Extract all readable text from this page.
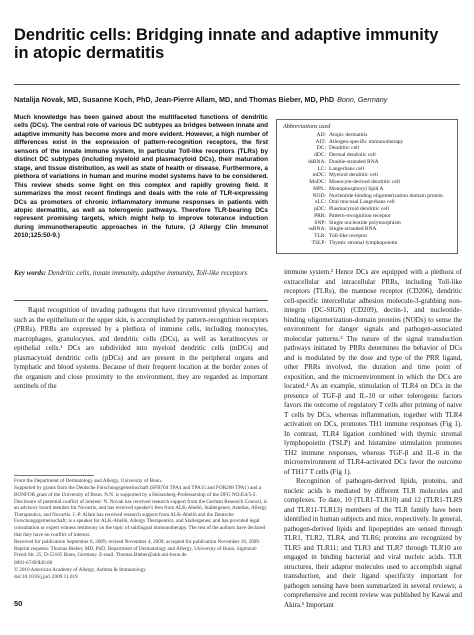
Dendritic cells: Bridging innate and adaptive immunity in atopic dermatitis
Natalija Novak, MD, Susanne Koch, PhD, Jean-Pierre Allam, MD, and Thomas Bieber, MD, PhD Bonn, Germany
Much knowledge has been gained about the multifaceted functions of dendritic cells (DCs). The central role of various DC subtypes as bridges between innate and adaptive immunity has become more and more evident. However, a high number of differences exist in the expression of pattern-recognition receptors, the first sensors of the innate immune system, in particular Toll-like receptors (TLRs) by distinct DC subtypes (including myeloid and plasmacytoid DCs), their maturation stage, and tissue distribution, as well as state of health or disease. Furthermore, a plethora of variations in human and murine model systems have to be considered. This review sheds some light on this complex and rapidly growing field. It summarizes the most recent findings and deals with the role of TLR-expressing DCs as promoters of chronic inflammatory immune responses in patients with atopic dermatitis, as well as tolerogenic pathways. Therefore TLR-bearing DCs represent promising targets, which might help to improve tolerance induction during immunotherapeutic approaches in the future. (J Allergy Clin Immunol 2010;125:50-9.)
Abbreviations used
AD: Atopic dermatitis
AIT: Allergen-specific immunotherapy
DC: Dendritic cell
dDC: Dermal dendritic cell
dsRNA: Double-stranded RNA
LC: Langerhans cell
mDC: Myeloid dendritic cell
MoDC: Monocyte-derived dendritic cell
MPL: Monophosphoryl lipid A
NOD: Nucleotide-binding oligomerization domain protein
oLC: Oral mucosal Langerhans cell
pDC: Plasmacytoid dendritic cell
PRR: Pattern-recognition receptor
SNP: Single nucleotide polymorphism
ssRNA: Single-stranded RNA
TLR: Toll-like receptor
TSLP: Thymic stromal lymphopoietin
Key words: Dendritic cells, innate immunity, adaptive immunity, Toll-like receptors

Rapid recognition of invading pathogens that have circumvented physical barriers, such as the epithelium or the upper skin, is accomplished by pattern-recognition receptors (PRRs). PRRs are expressed by a plethora of immune cells, including monocytes, macrophages, granulocytes, and dendritic cells (DCs), as well as keratinocytes or epithelial cells.¹ DCs are subdivided into myeloid dendritic cells (mDCs) and plasmacytoid dendritic cells (pDCs) and are present in the peripheral organs and lymphatic and blood systems. Because of their frequent location at the border zones of the organism and close proximity to the environment, they are regarded as important sentinels of the

From the Department of Dermatology and Allergy, University of Bonn.

Supported by grants from the Deutsche Forschungsgemeinschaft (SFB704 TPA4 and TPA15 and FOR208 TPA1) and a BONFOR grant of the University of Bonn. N.N. is supported by a Heisenberg-Professorship of the DFG NO454/5-2.

Disclosure of potential conflict of interest: N. Novak has received research support from the German Research Council, is an advisory board member for Novartis, and has received speaker's fees from ALK-Abelló, Stallergenes, Astellas, Allergy Therapeutics, and Novartis. J.-P. Allam has received research support from ALK-Abelló and the Deutsche Forschungsgemeinschaft; is a speaker for ALK-Abelló, Allergy Therapeutics, and Stallergenes; and has provided legal consultation or expert witness testimony on the topic of sublingual immunotherapy. The rest of the authors have declared that they have no conflict of interest.

Received for publication September 8, 2009; revised November 4, 2009; accepted for publication November 16, 2009.

Reprint requests: Thomas Bieber, MD, PhD, Department of Dermatology and Allergy, University of Bonn, Sigmund-Freud-Str. 25, D-53105 Bonn, Germany. E-mail: Thomas.Bieber@ukb.uni-bonn.de.

0091-6749/$36.00

© 2010 American Academy of Allergy, Asthma & Immunology

doi:10.1016/j.jaci.2009.11.019

immune system.² Hence DCs are equipped with a plethora of extracellular and intracellular PRRs, including Toll-like receptors (TLRs), the mannose receptor (CD206), dendritic cell-specific intercellular adhesion molecule-3-grabbing non-integrin (DC-SIGN) (CD209), dectin-1, and nucleotide-binding oligomerization-domain proteins (NODs) to sense the environment for danger signals and pathogen-associated molecular patterns.³ The nature of the signal transduction pathways initiated by PRRs determines the behavior of DCs and is modulated by the dose and type of the PRR ligand, other PRRs involved, the duration and time point of exposition, and the microenvironment in which the DCs are located.⁴ As an example, stimulation of TLR4 on DCs in the presence of TGF-β and IL-10 or other tolerogenic factors favors the outcome of regulatory T cells after priming of naive T cells by DCs, whereas inflammation, together with TLR4 activation on DCs, promotes TH1 immune responses (Fig 1). In contrast, TLR4 ligation combined with thymic stromal lymphopoietin (TSLP) and histamine stimulation promotes TH2 immune responses, whereas TGF-β and IL-6 in the microenvironment of TLR4-activated DCs favor the outcome of TH17 T cells (Fig 1).

Recognition of pathogen-derived lipids, proteins, and nucleic acids is mediated by different TLR molecules and complexes. To date, 10 (TLR1-TLR10) and 12 (TLR1-TLR9 and TLR11-TLR13) members of the TLR family have been identified in human subjects and mice, respectively. In general, pathogen-derived lipids and lipopeptides are sensed through TLR1, TLR2, TLR4, and TLR6; proteins are recognized by TLR5 and TLR11; and TLR3 and TLR7 through TLR10 are engaged in binding bacterial and viral nucleic acids. TLR structures, their adaptor molecules used to accomplish signal transduction, and their ligand specificity important for pathogen sensing have been summarized in several reviews; a comprehensive and recent review was published by Kawai and Akira.⁵ Important

50
